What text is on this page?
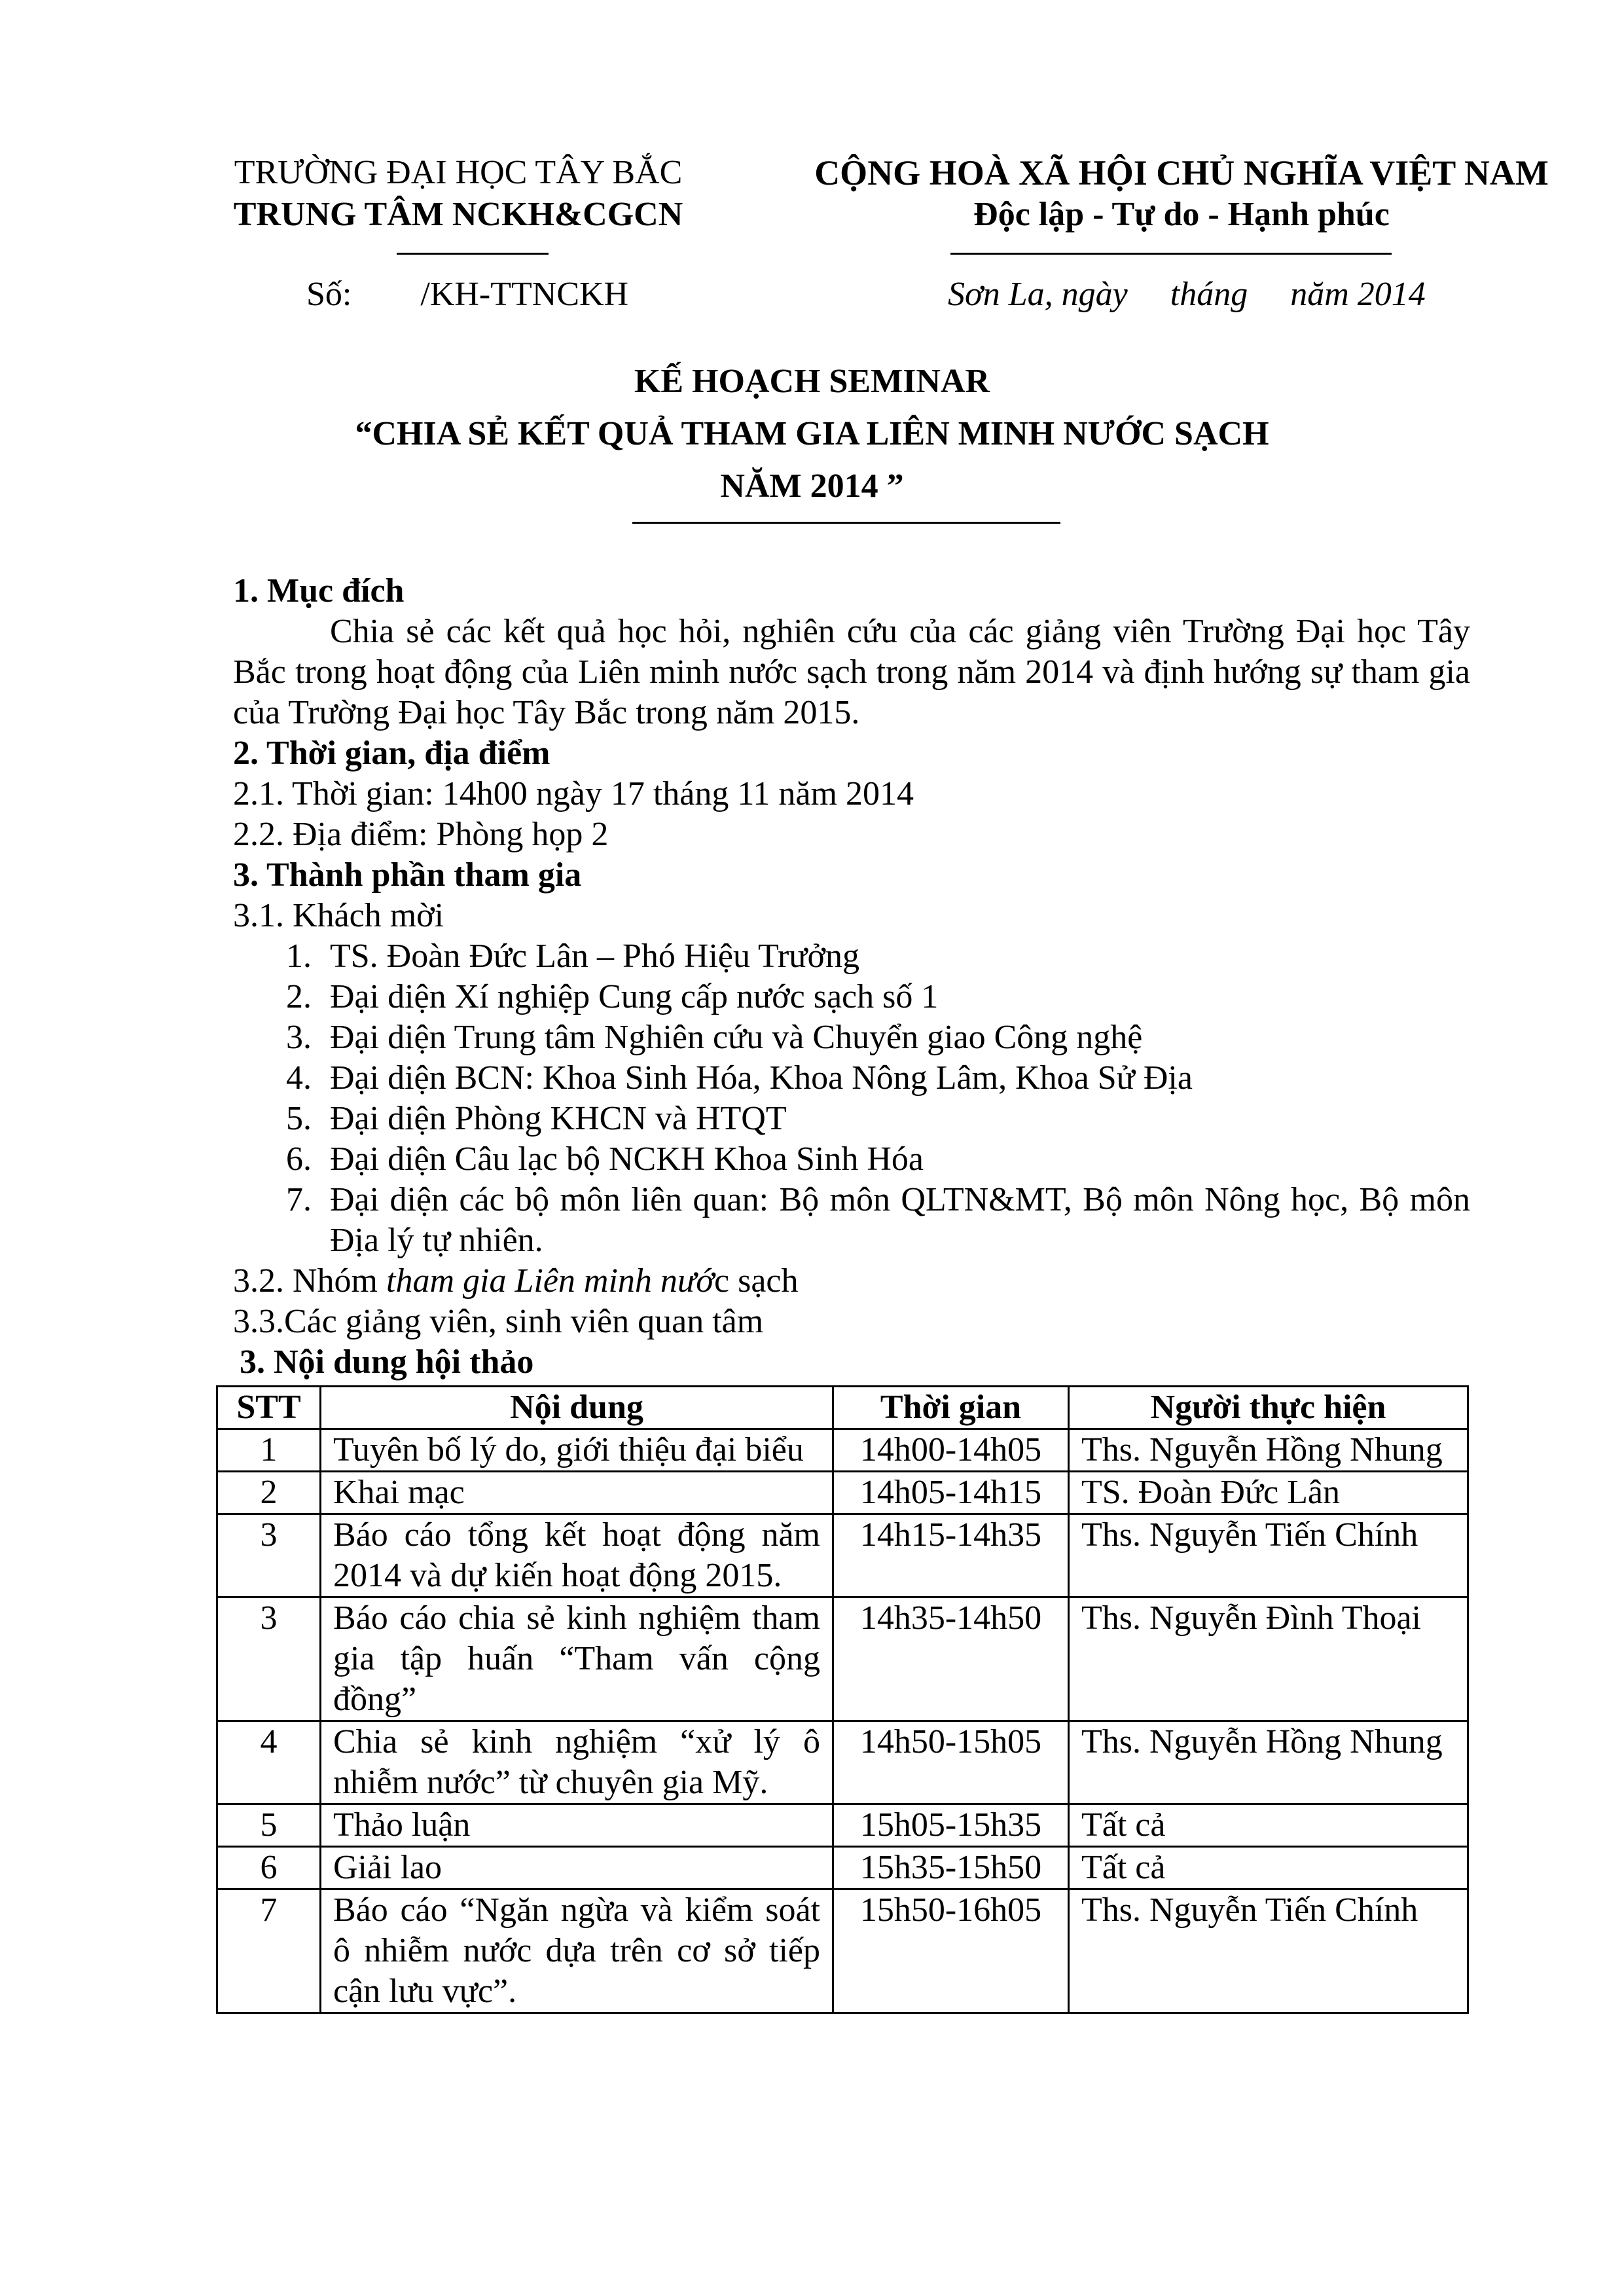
TRƯỜNG ĐẠI HỌC TÂY BẮC
TRUNG TÂM NCKH&CGCN
CỘNG HOÀ XÃ HỘI CHỦ NGHĨA VIỆT NAM
Độc lập - Tự do - Hạnh phúc
Số: /KH-TTNCKH	Sơn La, ngày     tháng     năm 2014
KẾ HOẠCH SEMINAR
“CHIA SẺ KẾT QUẢ THAM GIA LIÊN MINH NƯỚC SẠCH
NĂM 2014 ”
1. Mục đích
Chia sẻ các kết quả học hỏi, nghiên cứu của các giảng viên Trường Đại học Tây Bắc trong hoạt động của Liên minh nước sạch trong năm 2014 và định hướng sự tham gia của Trường Đại học Tây Bắc trong năm 2015.
2. Thời gian, địa điểm
2.1. Thời gian: 14h00 ngày 17 tháng 11 năm 2014
2.2. Địa điểm: Phòng họp 2
3. Thành phần tham gia
3.1. Khách mời
1. TS. Đoàn Đức Lân – Phó Hiệu Trưởng
2. Đại diện Xí nghiệp Cung cấp nước sạch số 1
3. Đại diện Trung tâm Nghiên cứu và Chuyển giao Công nghệ
4. Đại diện BCN: Khoa Sinh Hóa, Khoa Nông Lâm, Khoa Sử Địa
5. Đại diện Phòng KHCN và HTQT
6. Đại diện Câu lạc bộ NCKH Khoa Sinh Hóa
7. Đại diện các bộ môn liên quan: Bộ môn QLTN&MT, Bộ môn Nông học, Bộ môn Địa lý tự nhiên.
3.2. Nhóm tham gia Liên minh nước sạch
3.3.Các giảng viên, sinh viên quan tâm
3. Nội dung hội thảo
STT	Nội dung	Thời gian	Người thực hiện
1	Tuyên bố lý do, giới thiệu đại biểu	14h00-14h05	Ths. Nguyễn Hồng Nhung
2	Khai mạc	14h05-14h15	TS. Đoàn Đức Lân
3	Báo cáo tổng kết hoạt động năm 2014 và dự kiến hoạt động 2015.	14h15-14h35	Ths. Nguyễn Tiến Chính
3	Báo cáo chia sẻ kinh nghiệm tham gia tập huấn “Tham vấn cộng đồng”	14h35-14h50	Ths. Nguyễn Đình Thoại
4	Chia sẻ kinh nghiệm “xử lý ô nhiễm nước” từ chuyên gia Mỹ.	14h50-15h05	Ths. Nguyễn Hồng Nhung
5	Thảo luận	15h05-15h35	Tất cả
6	Giải lao	15h35-15h50	Tất cả
7	Báo cáo “Ngăn ngừa và kiểm soát ô nhiễm nước dựa trên cơ sở tiếp cận lưu vực”.	15h50-16h05	Ths. Nguyễn Tiến Chính
